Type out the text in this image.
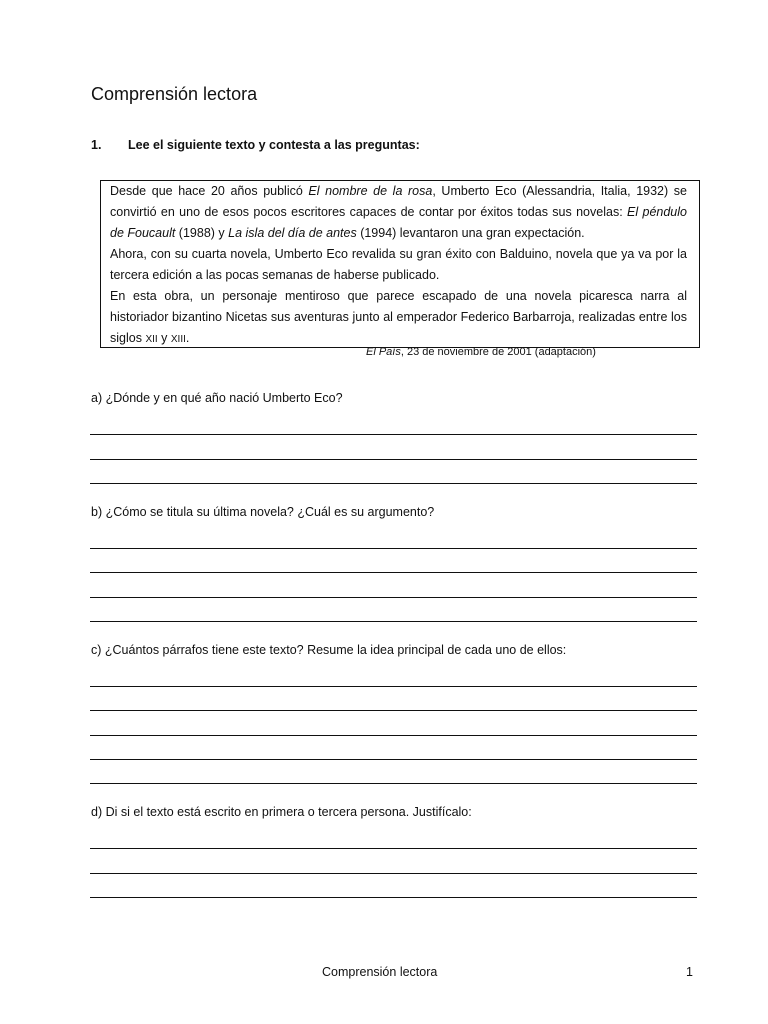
Comprensión lectora
1. Lee el siguiente texto y contesta a las preguntas:

Desde que hace 20 años publicó El nombre de la rosa, Umberto Eco (Alessandria, Italia, 1932) se convirtió en uno de esos pocos escritores capaces de contar por éxitos todas sus novelas: El péndulo de Foucault (1988) y La isla del día de antes (1994) levantaron una gran expectación.

Ahora, con su cuarta novela, Umberto Eco revalida su gran éxito con Balduino, novela que ya va por la tercera edición a las pocas semanas de haberse publicado.

En esta obra, un personaje mentiroso que parece escapado de una novela picaresca narra al historiador bizantino Nicetas sus aventuras junto al emperador Federico Barbarroja, realizadas entre los siglos XII y XIII.

El País, 23 de noviembre de 2001 (adaptación)
a) ¿Dónde y en qué año nació Umberto Eco?
b) ¿Cómo se titula su última novela? ¿Cuál es su argumento?
c) ¿Cuántos párrafos tiene este texto? Resume la idea principal de cada uno de ellos:
d) Di si el texto está escrito en primera o tercera persona. Justifícalo:
Comprensión lectora	1
